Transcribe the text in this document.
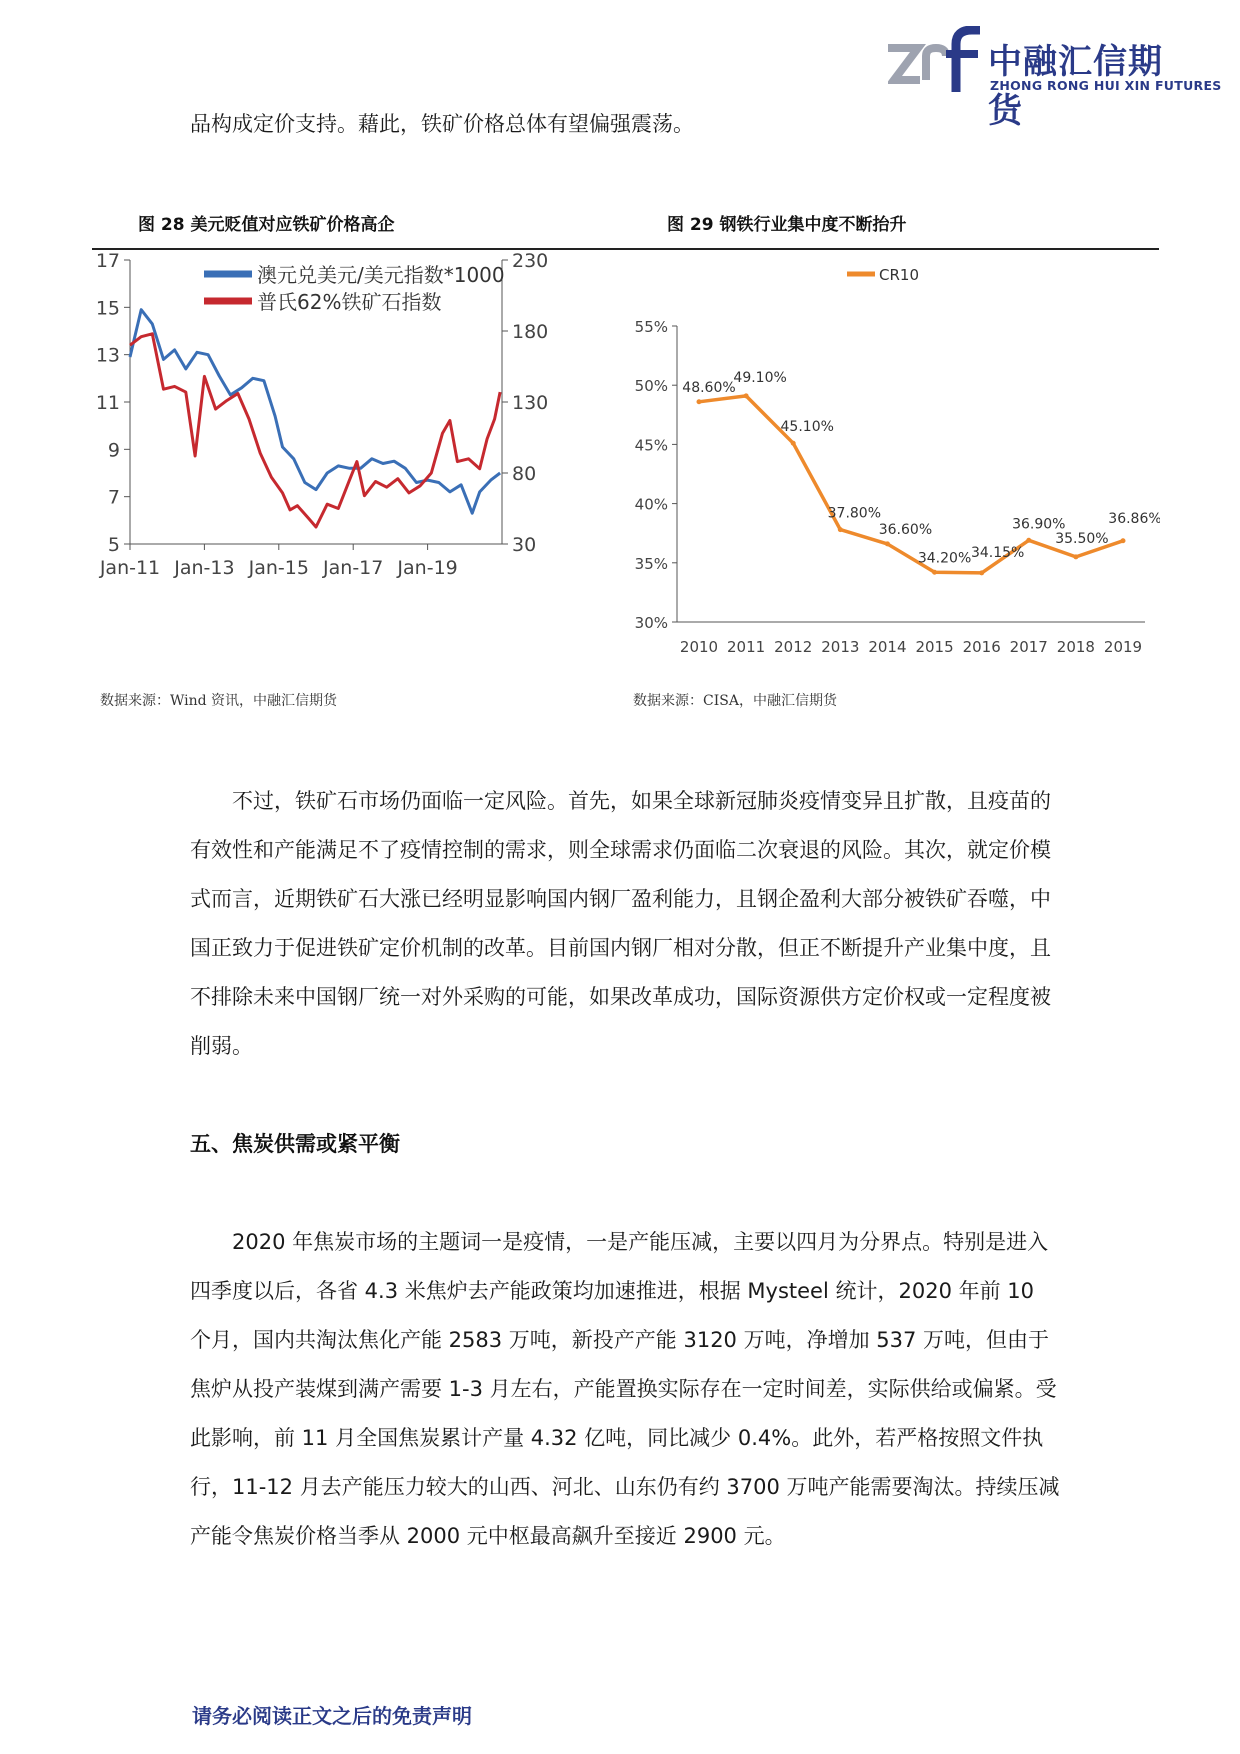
中融汇信期货
ZHONG RONG HUI XIN FUTURES

品构成定价支持。藉此，铁矿价格总体有望偏强震荡。

图 28 美元贬值对应铁矿价格高企	图 29 钢铁行业集中度不断抬升
5
7
9
11
13
15
17
30
80
130
180
230
Jan-11 Jan-13 Jan-15 Jan-17 Jan-19
澳元兑美元/美元指数*1000
普氏62%铁矿石指数
30%
35%
40%
45%
50%
55%
2010 2011 2012 2013 2014 2015 2016 2017 2018 2019
48.60%
49.10%
45.10%
37.80%
36.60%
34.20% 34.15%
36.90%
35.50%
36.86%
CR10
数据来源：Wind 资讯，中融汇信期货	数据来源：CISA，中融汇信期货

不过，铁矿石市场仍面临一定风险。首先，如果全球新冠肺炎疫情变异且扩散，且疫苗的有效性和产能满足不了疫情控制的需求，则全球需求仍面临二次衰退的风险。其次，就定价模式而言，近期铁矿石大涨已经明显影响国内钢厂盈利能力，且钢企盈利大部分被铁矿吞噬，中国正致力于促进铁矿定价机制的改革。目前国内钢厂相对分散，但正不断提升产业集中度，且不排除未来中国钢厂统一对外采购的可能，如果改革成功，国际资源供方定价权或一定程度被削弱。

五、焦炭供需或紧平衡

2020 年焦炭市场的主题词一是疫情，一是产能压减，主要以四月为分界点。特别是进入四季度以后，各省 4.3 米焦炉去产能政策均加速推进，根据 Mysteel 统计，2020 年前 10 个月，国内共淘汰焦化产能 2583 万吨，新投产产能 3120 万吨，净增加 537 万吨，但由于焦炉从投产装煤到满产需要 1-3 月左右，产能置换实际存在一定时间差，实际供给或偏紧。受此影响，前 11 月全国焦炭累计产量 4.32 亿吨，同比减少 0.4%。此外，若严格按照文件执行，11-12 月去产能压力较大的山西、河北、山东仍有约 3700 万吨产能需要淘汰。持续压减产能令焦炭价格当季从 2000 元中枢最高飙升至接近 2900 元。

请务必阅读正文之后的免责声明
